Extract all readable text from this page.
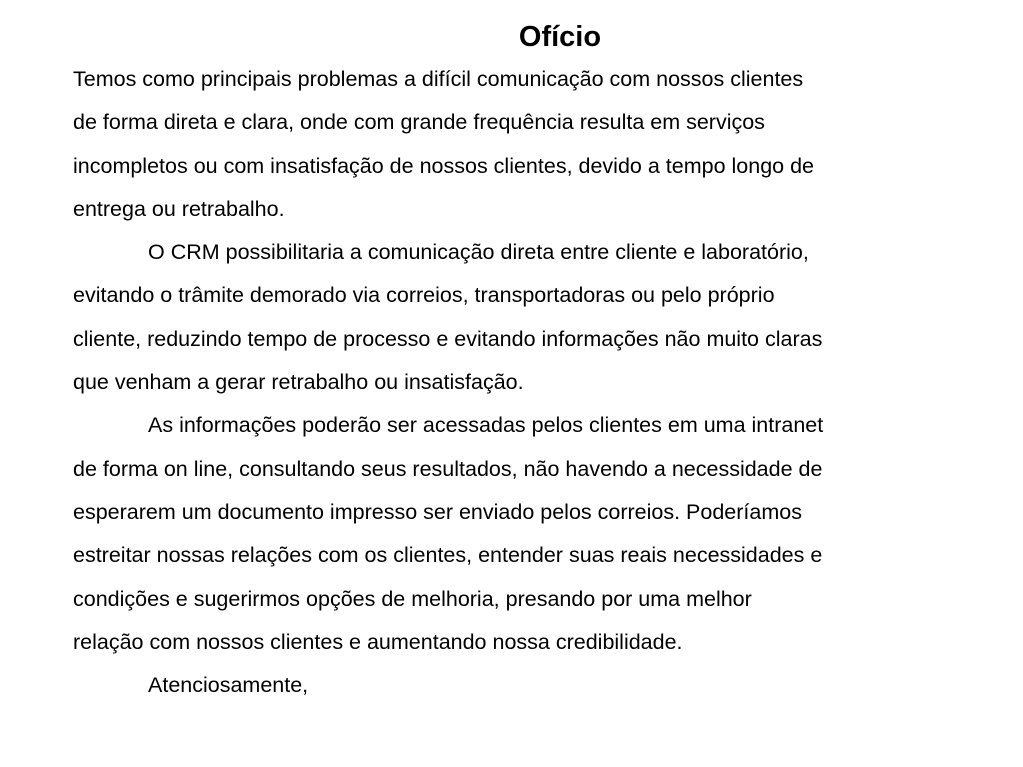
Ofício
Temos como principais problemas a difícil comunicação com nossos clientes
de forma direta e clara, onde com grande frequência resulta em serviços
incompletos ou com insatisfação de nossos clientes, devido a tempo longo de
entrega ou retrabalho.
O CRM possibilitaria a comunicação direta entre cliente e laboratório,
evitando o trâmite demorado via correios, transportadoras ou pelo próprio
cliente, reduzindo tempo de processo e evitando informações não muito claras
que venham a gerar retrabalho ou insatisfação.
As informações poderão ser acessadas pelos clientes em uma intranet
de forma on line, consultando seus resultados, não havendo a necessidade de
esperarem um documento impresso ser enviado pelos correios. Poderíamos
estreitar nossas relações com os clientes, entender suas reais necessidades e
condições e sugerirmos opções de melhoria, presando por uma melhor
relação com nossos clientes e aumentando nossa credibilidade.
Atenciosamente,
